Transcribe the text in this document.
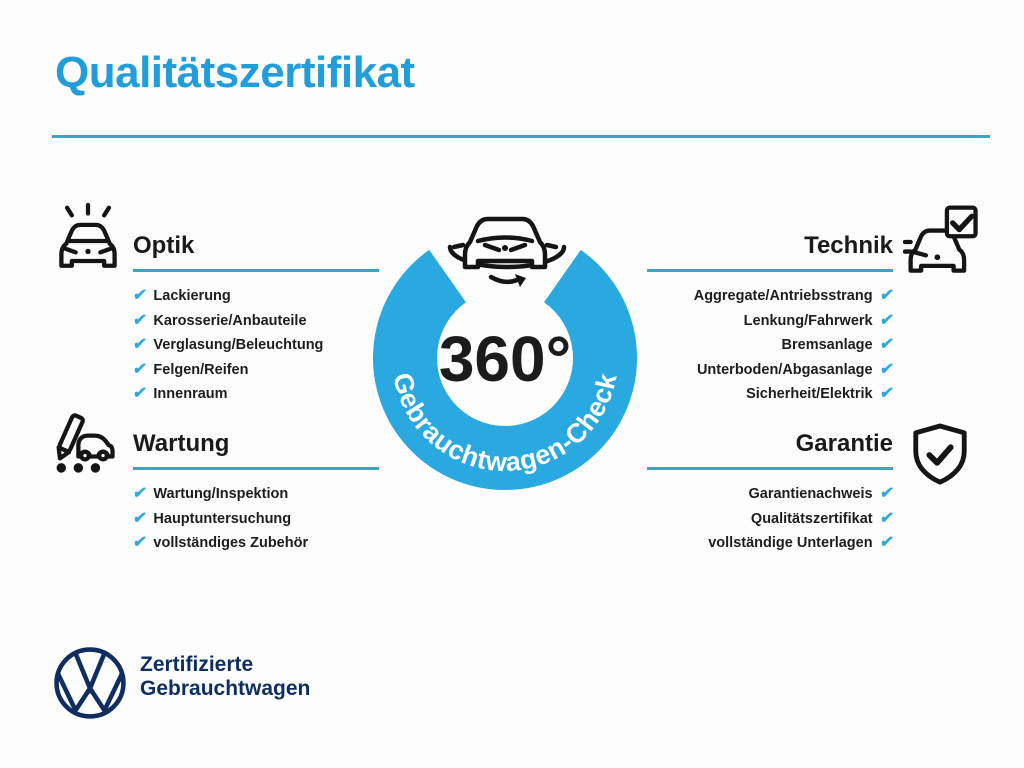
Qualitätszertifikat
Optik
✔ Lackierung
✔ Karosserie/Anbauteile
✔ Verglasung/Beleuchtung
✔ Felgen/Reifen
✔ Innenraum
Technik
Aggregate/Antriebsstrang ✔
Lenkung/Fahrwerk ✔
Bremsanlage ✔
Unterboden/Abgasanlage ✔
Sicherheit/Elektrik ✔
Wartung
✔ Wartung/Inspektion
✔ Hauptuntersuchung
✔ vollständiges Zubehör
Garantie
Garantienachweis ✔
Qualitätszertifikat ✔
vollständige Unterlagen ✔
Gebrauchtwagen-Check
360°

Zertifizierte
Gebrauchtwagen
